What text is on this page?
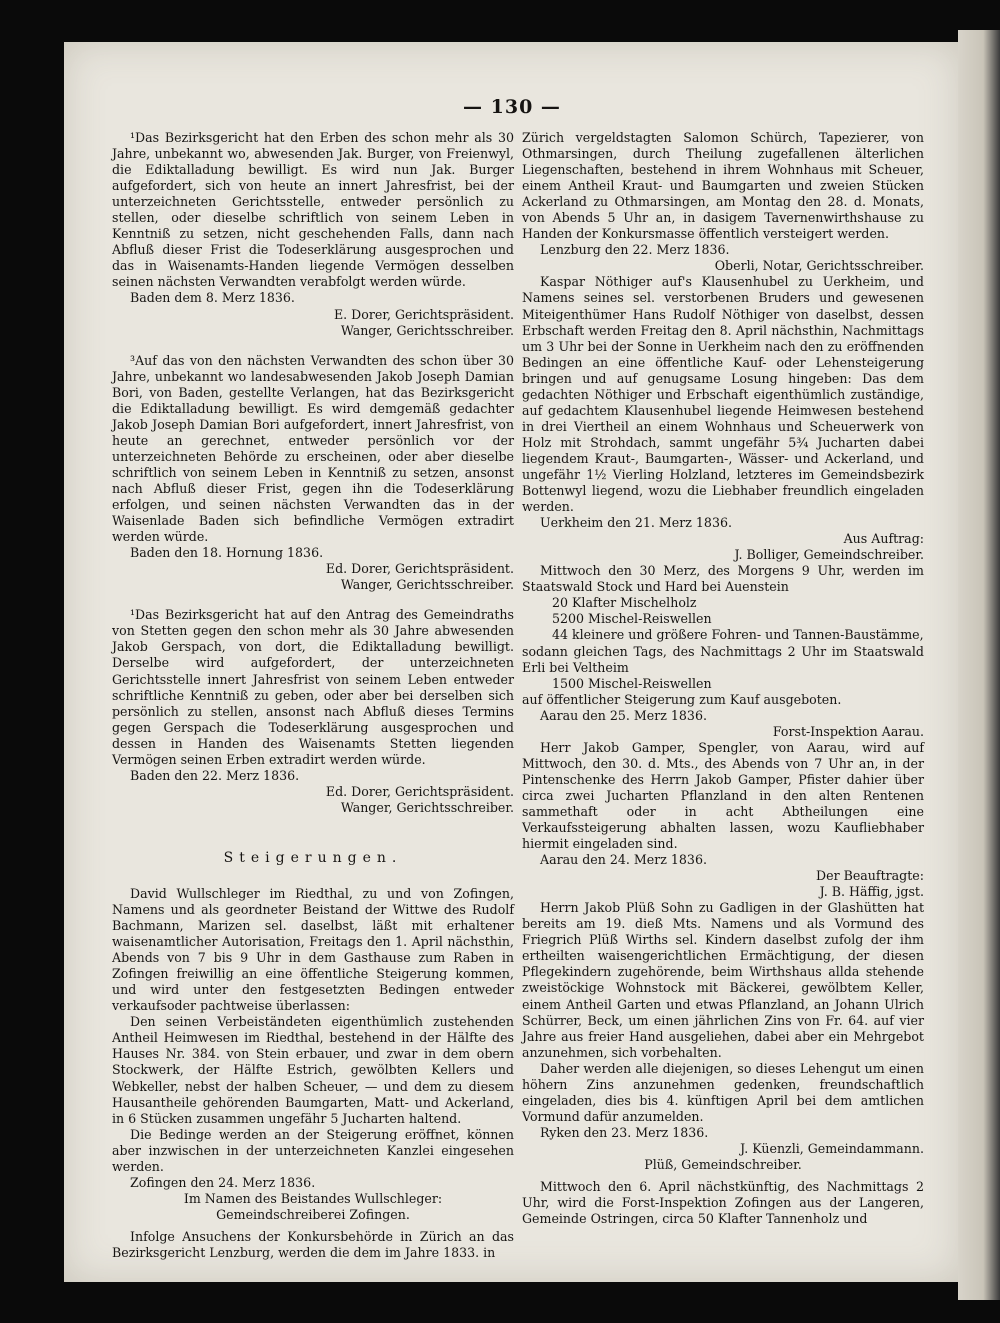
— 130 —

¹Das Bezirksgericht hat den Erben des schon mehr als 30 Jahre, unbekannt wo, abwesenden Jak. Burger, von Freienwyl, die Ediktalladung bewilligt. Es wird nun Jak. Burger aufgefordert, sich von heute an innert Jahresfrist, bei der unterzeichneten Gerichtsstelle, entweder persönlich zu stellen, oder dieselbe schriftlich von seinem Leben in Kenntniß zu setzen, nicht geschehenden Falls, dann nach Abfluß dieser Frist die Todeserklärung ausgesprochen und das in Waisenamts-Handen liegende Vermögen desselben seinen nächsten Verwandten verabfolgt werden würde.

Baden dem 8. Merz 1836.

E. Dorer, Gerichtspräsident.

Wanger, Gerichtsschreiber.

³Auf das von den nächsten Verwandten des schon über 30 Jahre, unbekannt wo landesabwesenden Jakob Joseph Damian Bori, von Baden, gestellte Verlangen, hat das Bezirksgericht die Ediktalladung bewilligt. Es wird demgemäß gedachter Jakob Joseph Damian Bori aufgefordert, innert Jahresfrist, von heute an gerechnet, entweder persönlich vor der unterzeichneten Behörde zu erscheinen, oder aber dieselbe schriftlich von seinem Leben in Kenntniß zu setzen, ansonst nach Abfluß dieser Frist, gegen ihn die Todeserklärung erfolgen, und seinen nächsten Verwandten das in der Waisenlade Baden sich befindliche Vermögen extradirt werden würde.

Baden den 18. Hornung 1836.

Ed. Dorer, Gerichtspräsident.

Wanger, Gerichtsschreiber.

¹Das Bezirksgericht hat auf den Antrag des Gemeindraths von Stetten gegen den schon mehr als 30 Jahre abwesenden Jakob Gerspach, von dort, die Ediktalladung bewilligt. Derselbe wird aufgefordert, der unterzeichneten Gerichtsstelle innert Jahresfrist von seinem Leben entweder schriftliche Kenntniß zu geben, oder aber bei derselben sich persönlich zu stellen, ansonst nach Abfluß dieses Termins gegen Gerspach die Todeserklärung ausgesprochen und dessen in Handen des Waisenamts Stetten liegenden Vermögen seinen Erben extradirt werden würde.

Baden den 22. Merz 1836.

Ed. Dorer, Gerichtspräsident.

Wanger, Gerichtsschreiber.

Steigerungen.

David Wullschleger im Riedthal, zu und von Zofingen, Namens und als geordneter Beistand der Wittwe des Rudolf Bachmann, Marizen sel. daselbst, läßt mit erhaltener waisenamtlicher Autorisation, Freitags den 1. April nächsthin, Abends von 7 bis 9 Uhr in dem Gasthause zum Raben in Zofingen freiwillig an eine öffentliche Steigerung kommen, und wird unter den festgesetzten Bedingen entweder verkaufsoder pachtweise überlassen:

Den seinen Verbeiständeten eigenthümlich zustehenden Antheil Heimwesen im Riedthal, bestehend in der Hälfte des Hauses Nr. 384. von Stein erbauer, und zwar in dem obern Stockwerk, der Hälfte Estrich, gewölbten Kellers und Webkeller, nebst der halben Scheuer, — und dem zu diesem Hausantheile gehörenden Baumgarten, Matt- und Ackerland, in 6 Stücken zusammen ungefähr 5 Jucharten haltend.

Die Bedinge werden an der Steigerung eröffnet, können aber inzwischen in der unterzeichneten Kanzlei eingesehen werden.

Zofingen den 24. Merz 1836.

Im Namen des Beistandes Wullschleger:

Gemeindschreiberei Zofingen.

Infolge Ansuchens der Konkursbehörde in Zürich an das Bezirksgericht Lenzburg, werden die dem im Jahre 1833. in

Zürich vergeldstagten Salomon Schürch, Tapezierer, von Othmarsingen, durch Theilung zugefallenen älterlichen Liegenschaften, bestehend in ihrem Wohnhaus mit Scheuer, einem Antheil Kraut- und Baumgarten und zweien Stücken Ackerland zu Othmarsingen, am Montag den 28. d. Monats, von Abends 5 Uhr an, in dasigem Tavernenwirthshause zu Handen der Konkursmasse öffentlich versteigert werden.

Lenzburg den 22. Merz 1836.

Oberli, Notar, Gerichtsschreiber.

Kaspar Nöthiger auf's Klausenhubel zu Uerkheim, und Namens seines sel. verstorbenen Bruders und gewesenen Miteigenthümer Hans Rudolf Nöthiger von daselbst, dessen Erbschaft werden Freitag den 8. April nächsthin, Nachmittags um 3 Uhr bei der Sonne in Uerkheim nach den zu eröffnenden Bedingen an eine öffentliche Kauf- oder Lehensteigerung bringen und auf genugsame Losung hingeben: Das dem gedachten Nöthiger und Erbschaft eigenthümlich zuständige, auf gedachtem Klausenhubel liegende Heimwesen bestehend in drei Viertheil an einem Wohnhaus und Scheuerwerk von Holz mit Strohdach, sammt ungefähr 5¾ Jucharten dabei liegendem Kraut-, Baumgarten-, Wässer- und Ackerland, und ungefähr 1½ Vierling Holzland, letzteres im Gemeindsbezirk Bottenwyl liegend, wozu die Liebhaber freundlich eingeladen werden.

Uerkheim den 21. Merz 1836.

Aus Auftrag:

J. Bolliger, Gemeindschreiber.

Mittwoch den 30 Merz, des Morgens 9 Uhr, werden im Staatswald Stock und Hard bei Auenstein

20 Klafter Mischelholz

5200 Mischel-Reiswellen

44 kleinere und größere Fohren- und Tannen-Baustämme,

sodann gleichen Tags, des Nachmittags 2 Uhr im Staatswald Erli bei Veltheim

1500 Mischel-Reiswellen

auf öffentlicher Steigerung zum Kauf ausgeboten.

Aarau den 25. Merz 1836.

Forst-Inspektion Aarau.

Herr Jakob Gamper, Spengler, von Aarau, wird auf Mittwoch, den 30. d. Mts., des Abends von 7 Uhr an, in der Pintenschenke des Herrn Jakob Gamper, Pfister dahier über circa zwei Jucharten Pflanzland in den alten Rentenen sammethaft oder in acht Abtheilungen eine Verkaufssteigerung abhalten lassen, wozu Kaufliebhaber hiermit eingeladen sind.

Aarau den 24. Merz 1836.

Der Beauftragte:

J. B. Häffig, jgst.

Herrn Jakob Plüß Sohn zu Gadligen in der Glashütten hat bereits am 19. dieß Mts. Namens und als Vormund des Friegrich Plüß Wirths sel. Kindern daselbst zufolg der ihm ertheilten waisengerichtlichen Ermächtigung, der diesen Pflegekindern zugehörende, beim Wirthshaus allda stehende zweistöckige Wohnstock mit Bäckerei, gewölbtem Keller, einem Antheil Garten und etwas Pflanzland, an Johann Ulrich Schürrer, Beck, um einen jährlichen Zins von Fr. 64. auf vier Jahre aus freier Hand ausgeliehen, dabei aber ein Mehrgebot anzunehmen, sich vorbehalten.

Daher werden alle diejenigen, so dieses Lehengut um einen höhern Zins anzunehmen gedenken, freundschaftlich eingeladen, dies bis 4. künftigen April bei dem amtlichen Vormund dafür anzumelden.

Ryken den 23. Merz 1836.

J. Küenzli, Gemeindammann.

Plüß, Gemeindschreiber.

Mittwoch den 6. April nächstkünftig, des Nachmittags 2 Uhr, wird die Forst-Inspektion Zofingen aus der Langeren, Gemeinde Ostringen, circa 50 Klafter Tannenholz und
